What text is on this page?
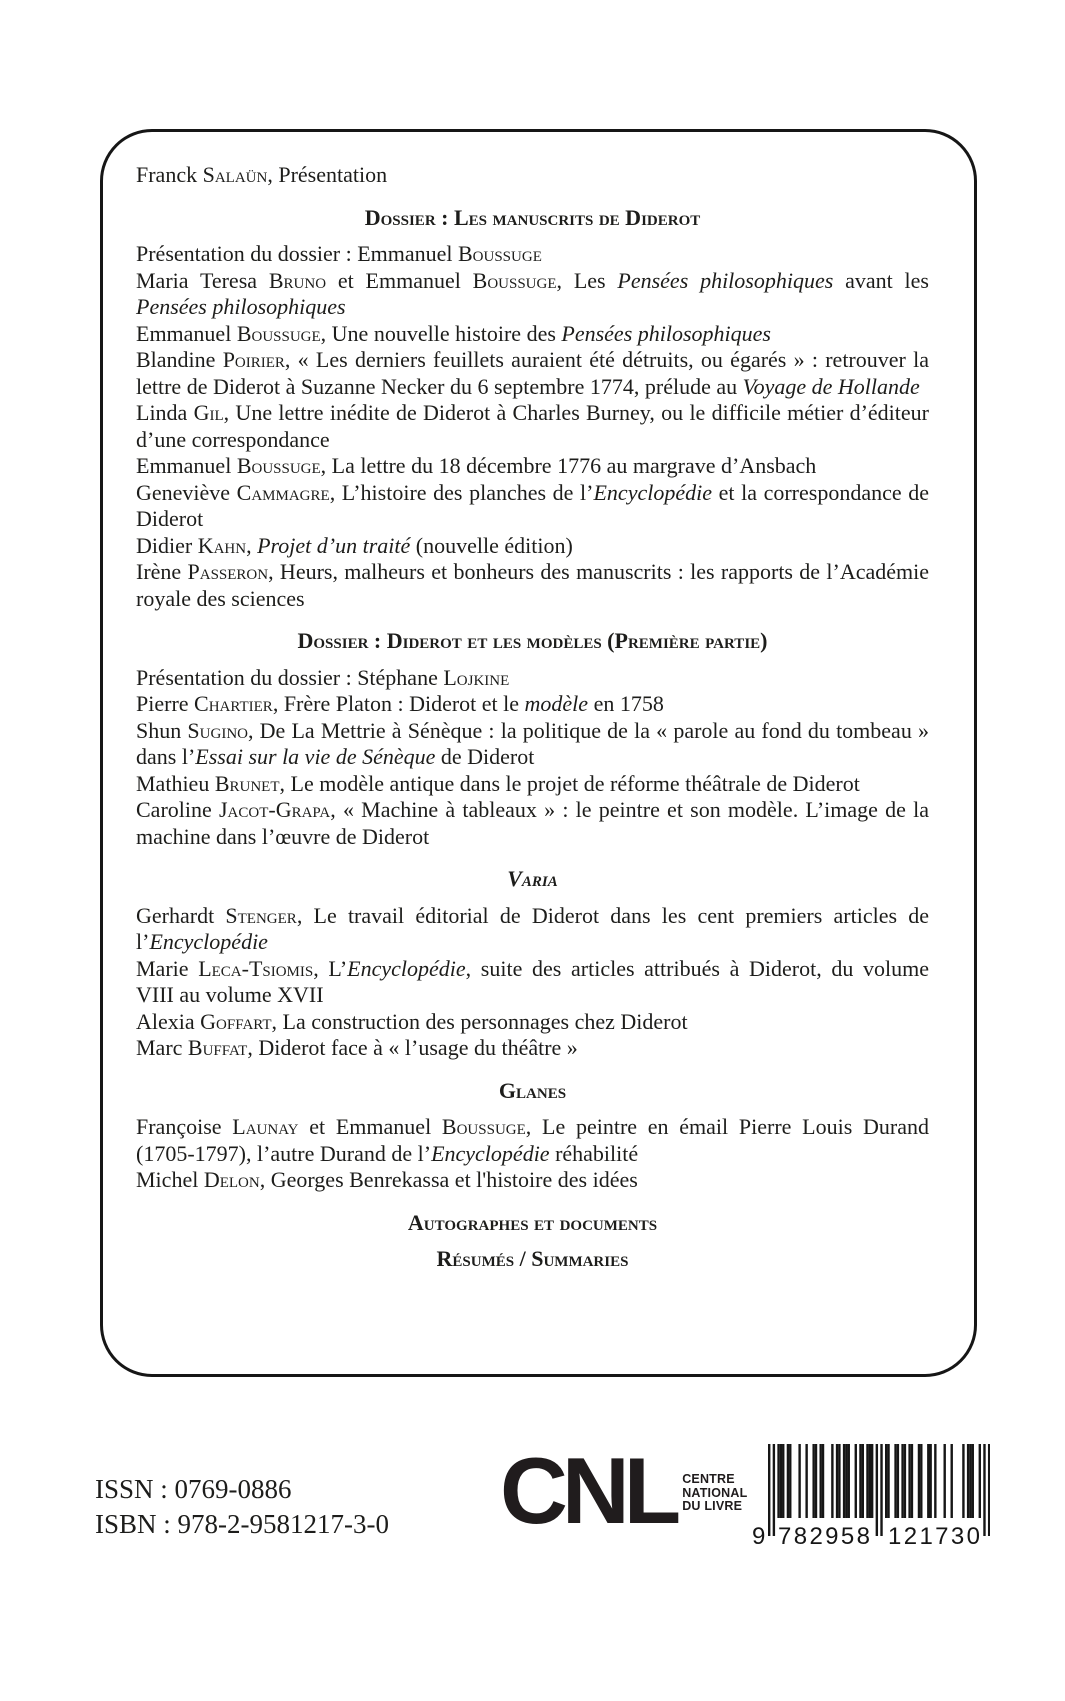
Franck Salaün, Présentation
Dossier : Les manuscrits de Diderot
Présentation du dossier : Emmanuel Boussuge
Maria Teresa Bruno et Emmanuel Boussuge, Les Pensées philosophiques avant les Pensées philosophiques
Emmanuel Boussuge, Une nouvelle histoire des Pensées philosophiques
Blandine Poirier, « Les derniers feuillets auraient été détruits, ou égarés » : retrouver la lettre de Diderot à Suzanne Necker du 6 septembre 1774, prélude au Voyage de Hollande
Linda Gil, Une lettre inédite de Diderot à Charles Burney, ou le difficile métier d’éditeur d’une correspondance
Emmanuel Boussuge, La lettre du 18 décembre 1776 au margrave d’Ansbach
Geneviève Cammagre, L’histoire des planches de l’Encyclopédie et la correspondance de Diderot
Didier Kahn, Projet d’un traité (nouvelle édition)
Irène Passeron, Heurs, malheurs et bonheurs des manuscrits : les rapports de l’Académie royale des sciences
Dossier : Diderot et les modèles (Première partie)
Présentation du dossier : Stéphane Lojkine
Pierre Chartier, Frère Platon : Diderot et le modèle en 1758
Shun Sugino, De La Mettrie à Sénèque : la politique de la « parole au fond du tombeau » dans l’Essai sur la vie de Sénèque de Diderot
Mathieu Brunet, Le modèle antique dans le projet de réforme théâtrale de Diderot
Caroline Jacot-Grapa, « Machine à tableaux » : le peintre et son modèle. L’image de la machine dans l’œuvre de Diderot
Varia
Gerhardt Stenger, Le travail éditorial de Diderot dans les cent premiers articles de l’Encyclopédie
Marie Leca-Tsiomis, L’Encyclopédie, suite des articles attribués à Diderot, du volume VIII au volume XVII
Alexia Goffart, La construction des personnages chez Diderot
Marc Buffat, Diderot face à « l’usage du théâtre »
Glanes
Françoise Launay et Emmanuel Boussuge, Le peintre en émail Pierre Louis Durand (1705-1797), l’autre Durand de l’Encyclopédie réhabilité
Michel Delon, Georges Benrekassa et l'histoire des idées
Autographes et documents
Résumés / Summaries
ISSN : 0769-0886
ISBN : 978-2-9581217-3-0 CNL CENTRE
NATIONAL
DU LIVRE
9 782958 121730
